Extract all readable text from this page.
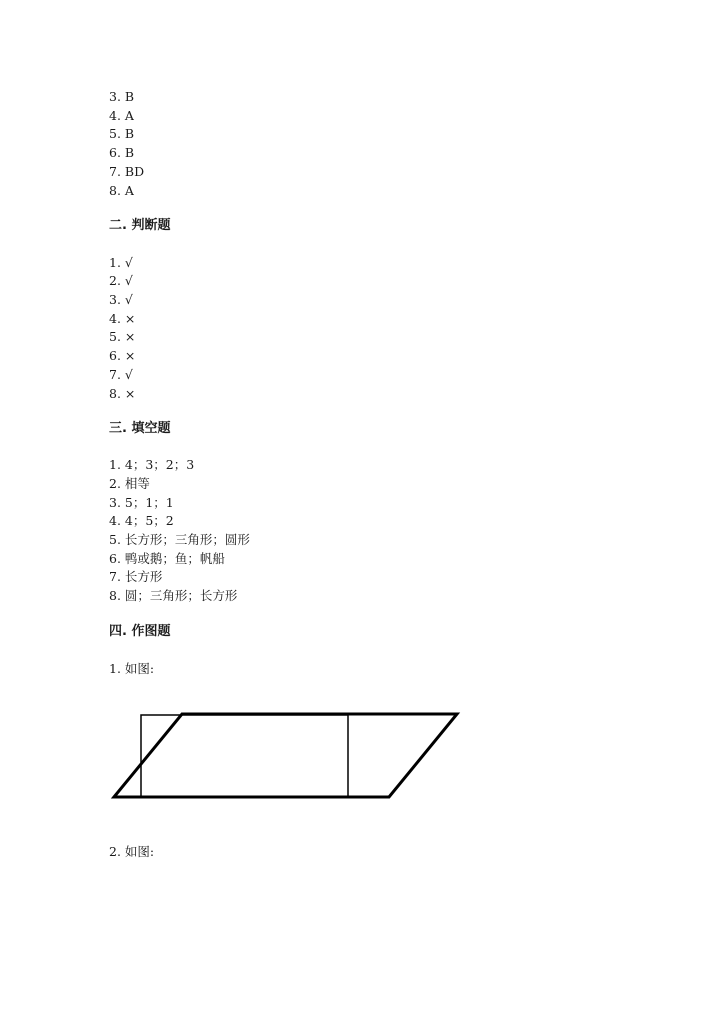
3. B
4. A
5. B
6. B
7. BD
8. A
二. 判断题
1. √
2. √
3. √
4. ×
5. ×
6. ×
7. √
8. ×
三. 填空题
1. 4；3；2；3
2. 相等
3. 5；1；1
4. 4；5；2
5. 长方形；三角形；圆形
6. 鸭或鹅；鱼；帆船
7. 长方形
8. 圆；三角形；长方形
四. 作图题
1. 如图:
2. 如图:
